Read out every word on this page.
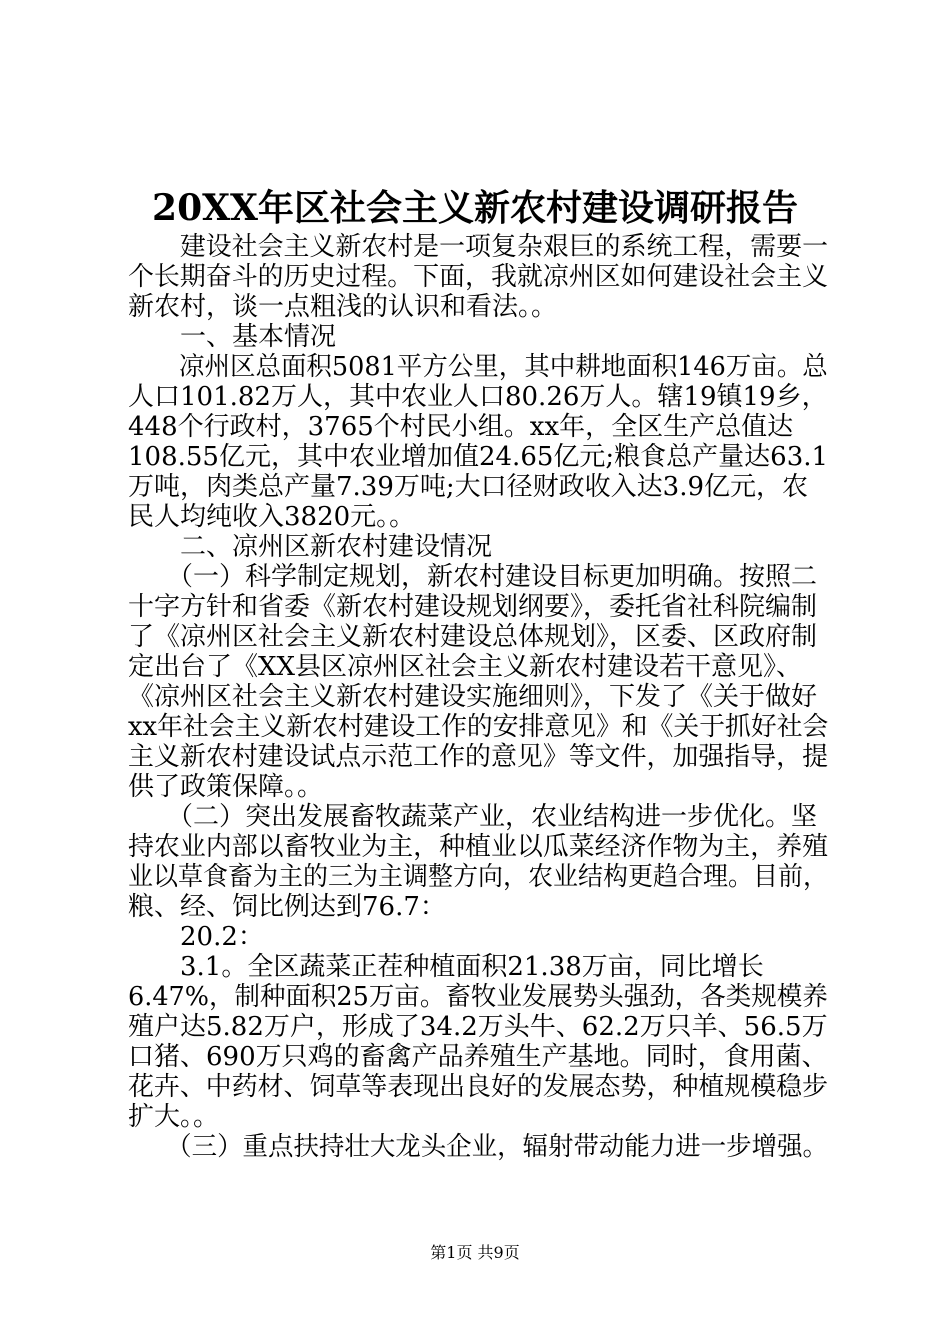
20XX年区社会主义新农村建设调研报告
　　建设社会主义新农村是一项复杂艰巨的系统工程，需要一
个长期奋斗的历史过程。下面，我就凉州区如何建设社会主义
新农村，谈一点粗浅的认识和看法。。
　　一、基本情况
　　凉州区总面积5081平方公里，其中耕地面积146万亩。总
人口101.82万人，其中农业人口80.26万人。辖19镇19乡，
448个行政村，3765个村民小组。xx年，全区生产总值达
108.55亿元，其中农业增加值24.65亿元;粮食总产量达63.1
万吨，肉类总产量7.39万吨;大口径财政收入达3.9亿元，农
民人均纯收入3820元。。
　　二、凉州区新农村建设情况
　　（一）科学制定规划，新农村建设目标更加明确。按照二
十字方针和省委《新农村建设规划纲要》，委托省社科院编制
了《凉州区社会主义新农村建设总体规划》，区委、区政府制
定出台了《XX县区凉州区社会主义新农村建设若干意见》、
《凉州区社会主义新农村建设实施细则》，下发了《关于做好
xx年社会主义新农村建设工作的安排意见》和《关于抓好社会
主义新农村建设试点示范工作的意见》等文件，加强指导，提
供了政策保障。。
　　（二）突出发展畜牧蔬菜产业，农业结构进一步优化。坚
持农业内部以畜牧业为主，种植业以瓜菜经济作物为主，养殖
业以草食畜为主的三为主调整方向，农业结构更趋合理。目前，
粮、经、饲比例达到76.7：
　　20.2：
　　3.1。全区蔬菜正茬种植面积21.38万亩，同比增长
6.47%，制种面积25万亩。畜牧业发展势头强劲，各类规模养
殖户达5.82万户，形成了34.2万头牛、62.2万只羊、56.5万
口猪、690万只鸡的畜禽产品养殖生产基地。同时，食用菌、
花卉、中药材、饲草等表现出良好的发展态势，种植规模稳步
扩大。。
　　（三）重点扶持壮大龙头企业，辐射带动能力进一步增强。
第1页 共9页
